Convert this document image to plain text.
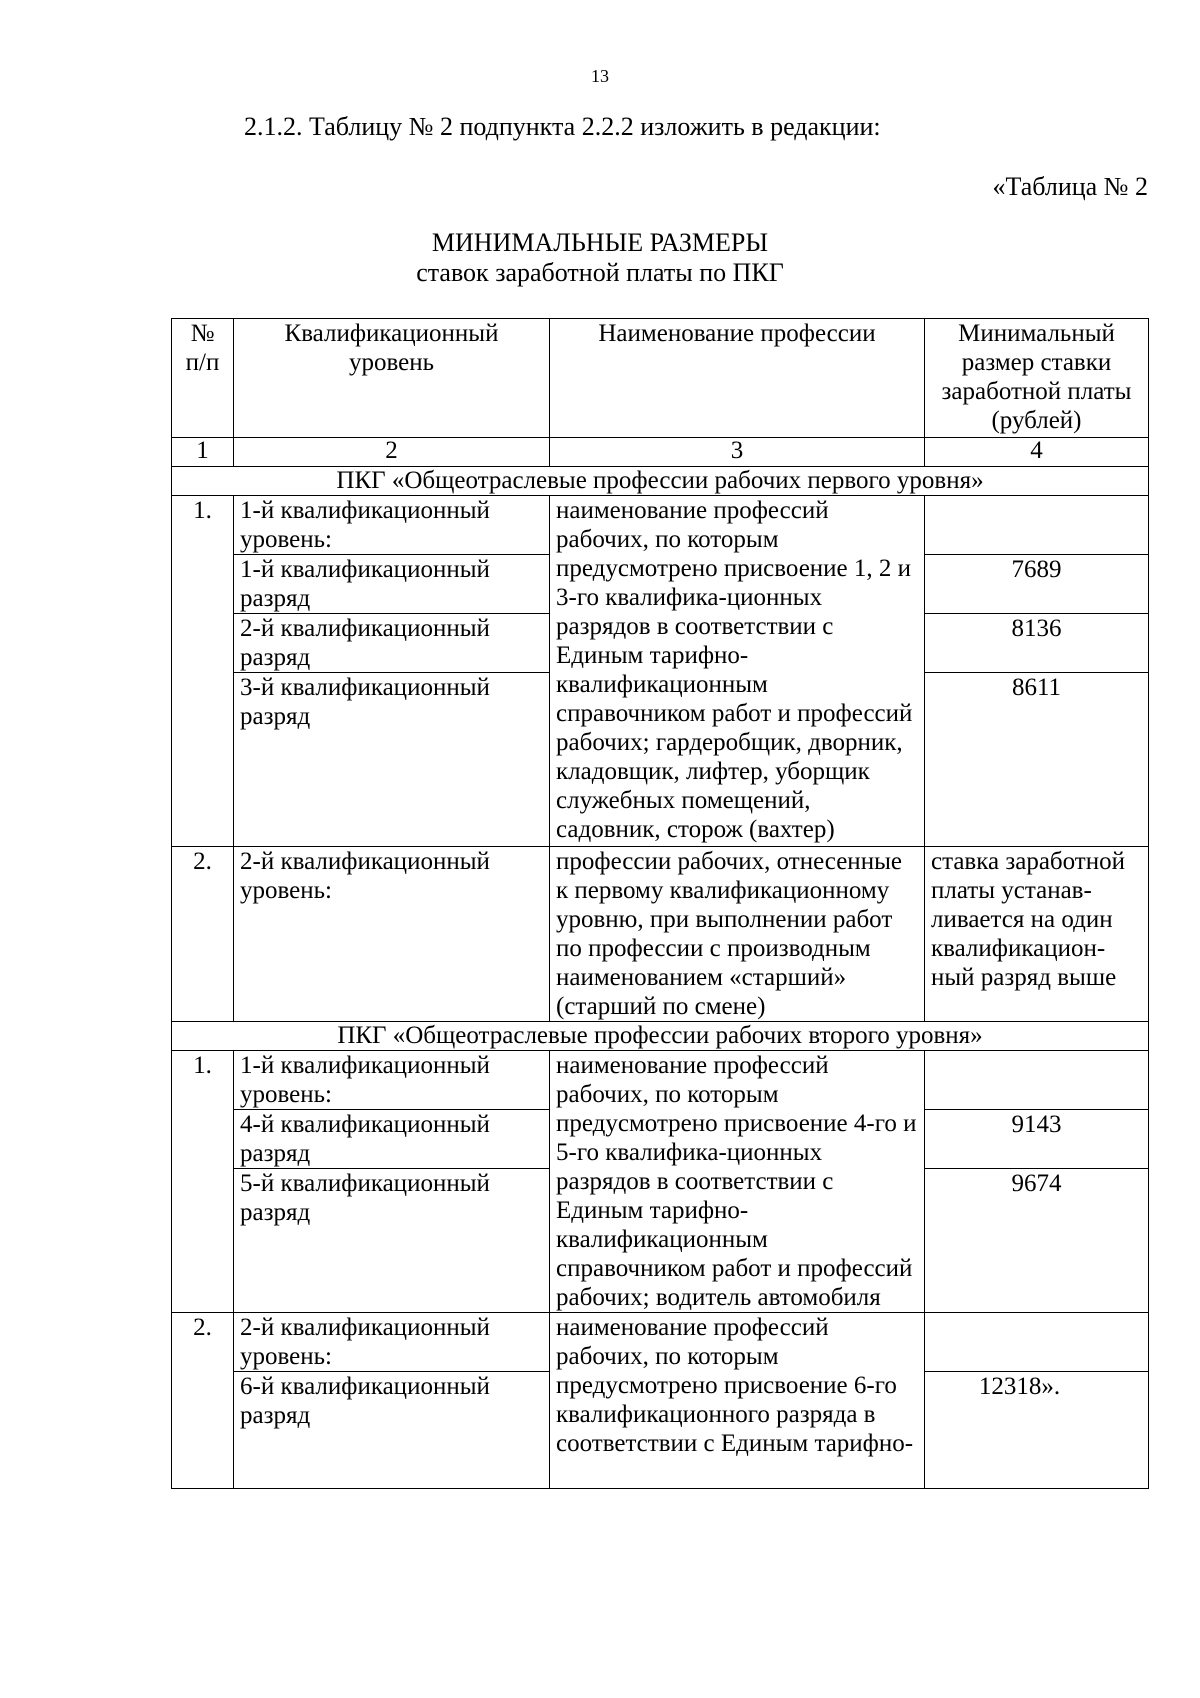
13
2.1.2. Таблицу № 2 подпункта 2.2.2 изложить в редакции:
«Таблица № 2
МИНИМАЛЬНЫЕ РАЗМЕРЫ
ставок заработной платы по ПКГ
№ п/п	Квалификационный уровень	Наименование профессии	Минимальный размер ставки заработной платы (рублей)
1	2	3	4
ПКГ «Общеотраслевые профессии рабочих первого уровня»			
1.	1-й квалификационный уровень:	наименование профессий рабочих, по которым предусмотрено присвоение 1, 2 и 3-го квалифика-ционных разрядов в соответствии с Единым тарифно-квалификационным справочником работ и профессий рабочих; гардеробщик, дворник, кладовщик, лифтер, уборщик служебных помещений, садовник, сторож (вахтер)	
	1-й квалификационный разряд		7689
	2-й квалификационный разряд		8136
	3-й квалификационный разряд		8611

2.	2-й квалификационный уровень:	профессии рабочих, отнесенные к первому квалификационному уровню, при выполнении работ по профессии с производным наименованием «старший» (старший по смене)	ставка заработной платы устанав-ливается на один квалификацион-ный разряд выше
ПКГ «Общеотраслевые профессии рабочих второго уровня»			
1.	1-й квалификационный уровень:	наименование профессий рабочих, по которым предусмотрено присвоение 4-го и 5-го квалифика-ционных разрядов в соответствии с Единым тарифно-квалификационным справочником работ и профессий рабочих; водитель автомобиля	
	4-й квалификационный разряд		9143
	5-й квалификационный разряд		9674

2.	2-й квалификационный уровень:	наименование профессий рабочих, по которым предусмотрено присвоение 6-го квалификационного разряда в соответствии с Единым тарифно-	
	6-й квалификационный разряд		12318».
